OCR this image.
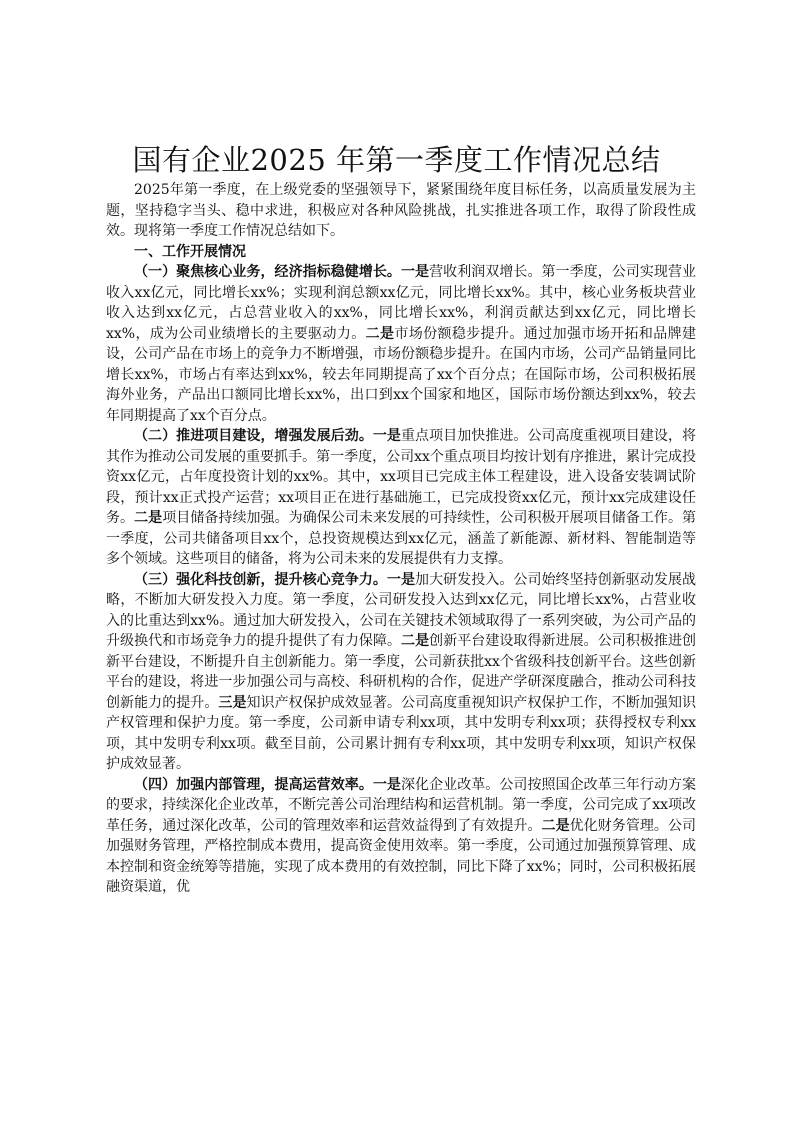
国有企业2025 年第一季度工作情况总结

2025年第一季度，在上级党委的坚强领导下，紧紧围绕年度目标任务，以高质量发展为主题，坚持稳字当头、稳中求进，积极应对各种风险挑战，扎实推进各项工作，取得了阶段性成效。现将第一季度工作情况总结如下。

一、工作开展情况

（一）聚焦核心业务，经济指标稳健增长。一是营收利润双增长。第一季度，公司实现营业收入xx亿元，同比增长xx%；实现利润总额xx亿元，同比增长xx%。其中，核心业务板块营业收入达到xx亿元，占总营业收入的xx%，同比增长xx%，利润贡献达到xx亿元，同比增长xx%，成为公司业绩增长的主要驱动力。二是市场份额稳步提升。通过加强市场开拓和品牌建设，公司产品在市场上的竞争力不断增强，市场份额稳步提升。在国内市场，公司产品销量同比增长xx%，市场占有率达到xx%，较去年同期提高了xx个百分点；在国际市场，公司积极拓展海外业务，产品出口额同比增长xx%，出口到xx个国家和地区，国际市场份额达到xx%，较去年同期提高了xx个百分点。

（二）推进项目建设，增强发展后劲。一是重点项目加快推进。公司高度重视项目建设，将其作为推动公司发展的重要抓手。第一季度，公司xx个重点项目均按计划有序推进，累计完成投资xx亿元，占年度投资计划的xx%。其中，xx项目已完成主体工程建设，进入设备安装调试阶段，预计xx正式投产运营；xx项目正在进行基础施工，已完成投资xx亿元，预计xx完成建设任务。二是项目储备持续加强。为确保公司未来发展的可持续性，公司积极开展项目储备工作。第一季度，公司共储备项目xx个，总投资规模达到xx亿元，涵盖了新能源、新材料、智能制造等多个领域。这些项目的储备，将为公司未来的发展提供有力支撑。

（三）强化科技创新，提升核心竞争力。一是加大研发投入。公司始终坚持创新驱动发展战略，不断加大研发投入力度。第一季度，公司研发投入达到xx亿元，同比增长xx%，占营业收入的比重达到xx%。通过加大研发投入，公司在关键技术领域取得了一系列突破，为公司产品的升级换代和市场竞争力的提升提供了有力保障。二是创新平台建设取得新进展。公司积极推进创新平台建设，不断提升自主创新能力。第一季度，公司新获批xx个省级科技创新平台。这些创新平台的建设，将进一步加强公司与高校、科研机构的合作，促进产学研深度融合，推动公司科技创新能力的提升。三是知识产权保护成效显著。公司高度重视知识产权保护工作，不断加强知识产权管理和保护力度。第一季度，公司新申请专利xx项，其中发明专利xx项；获得授权专利xx项，其中发明专利xx项。截至目前，公司累计拥有专利xx项，其中发明专利xx项，知识产权保护成效显著。

（四）加强内部管理，提高运营效率。一是深化企业改革。公司按照国企改革三年行动方案的要求，持续深化企业改革，不断完善公司治理结构和运营机制。第一季度，公司完成了xx项改革任务，通过深化改革，公司的管理效率和运营效益得到了有效提升。二是优化财务管理。公司加强财务管理，严格控制成本费用，提高资金使用效率。第一季度，公司通过加强预算管理、成本控制和资金统筹等措施，实现了成本费用的有效控制，同比下降了xx%；同时，公司积极拓展融资渠道，优
